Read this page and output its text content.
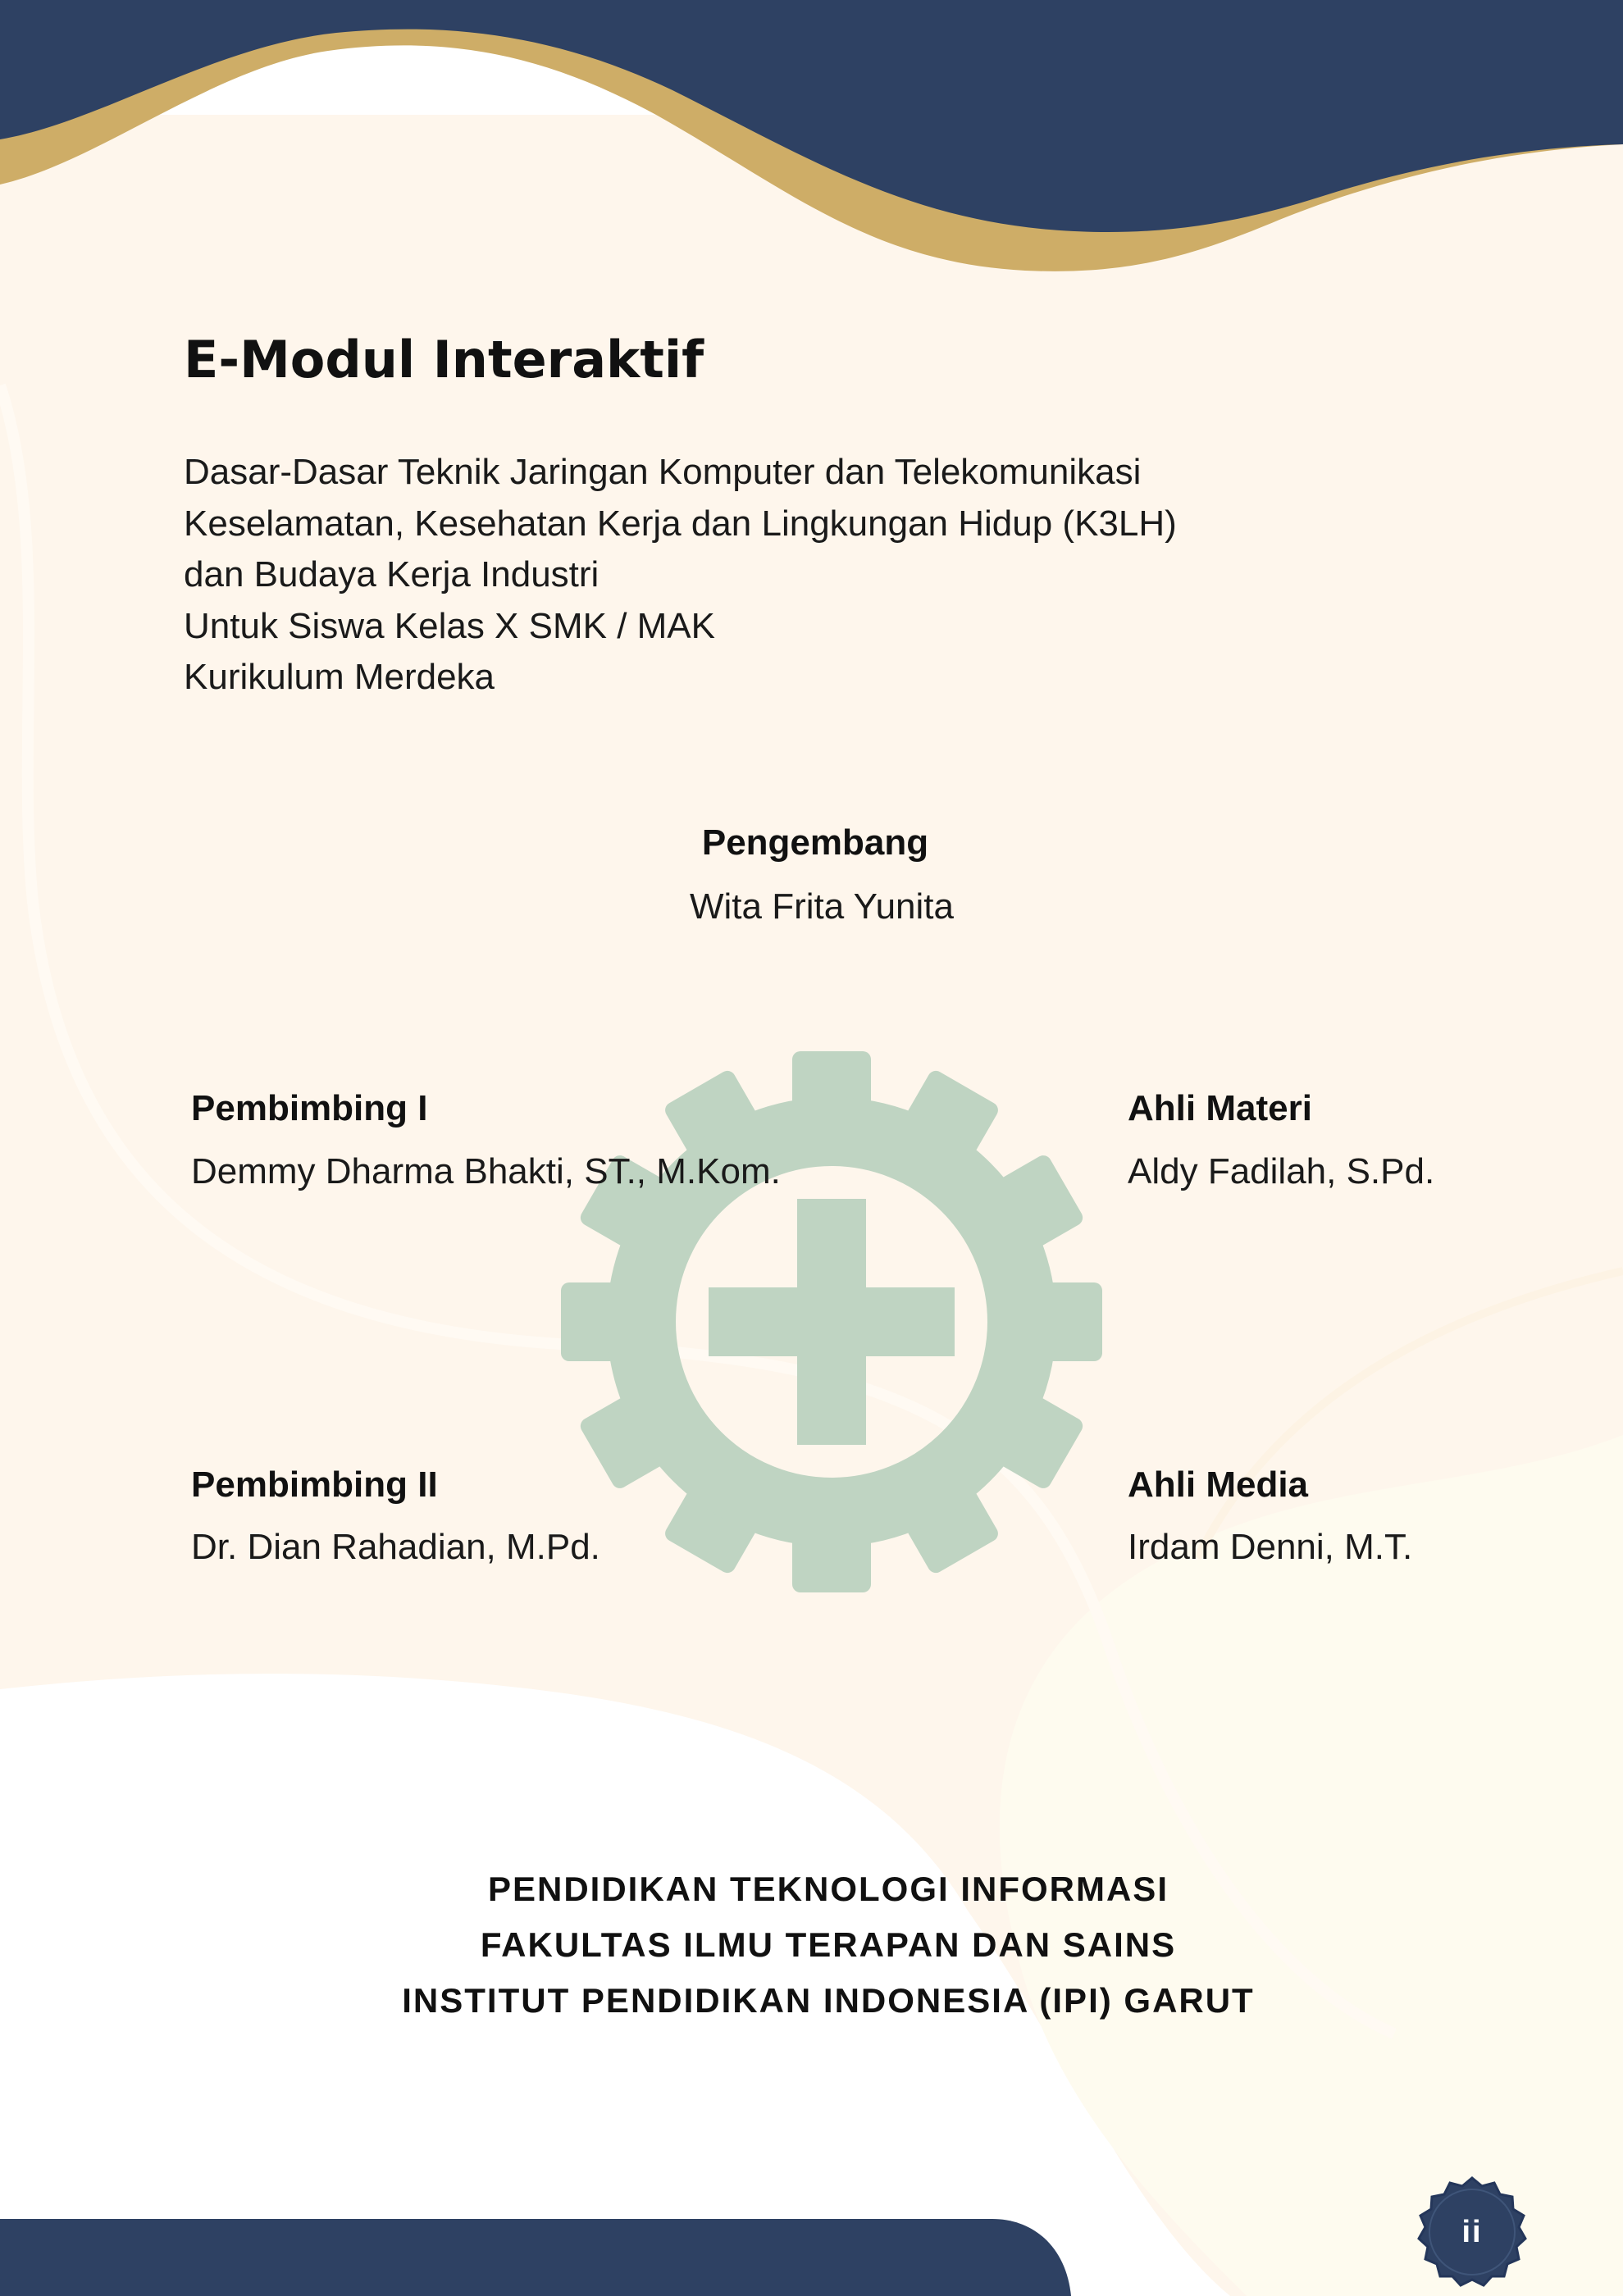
E-Modul Interaktif
Dasar-Dasar Teknik Jaringan Komputer dan Telekomunikasi
Keselamatan, Kesehatan Kerja dan Lingkungan Hidup (K3LH)
dan Budaya Kerja Industri
Untuk Siswa Kelas X SMK / MAK
Kurikulum Merdeka
Pengembang
Wita Frita Yunita
Pembimbing I
Demmy Dharma Bhakti, ST., M.Kom.
Ahli Materi
Aldy Fadilah, S.Pd.
Pembimbing II
Dr. Dian Rahadian, M.Pd.
Ahli Media
Irdam Denni, M.T.
PENDIDIKAN TEKNOLOGI INFORMASI
FAKULTAS ILMU TERAPAN DAN SAINS
INSTITUT PENDIDIKAN INDONESIA (IPI) GARUT
ii
